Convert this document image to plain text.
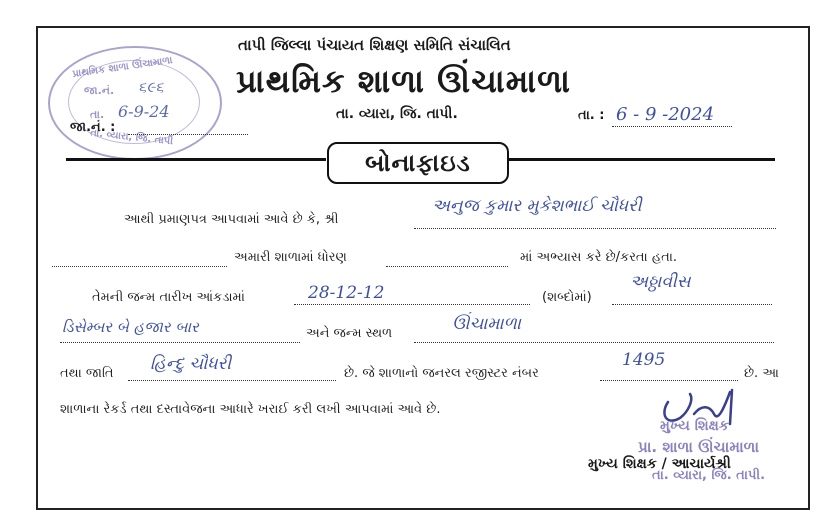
પ્રાથમિક શાળા ઊંચામાળા
જા.નં. ૬૯૬
તા. 6-9-24
તા. વ્યારા, જિ. તાપી
તાપી જિલ્લા પંચાયત શિક્ષણ સમિતિ સંચાલિત
પ્રાથમિક શાળા ઊંચામાળા
તા. વ્યારા, જિ. તાપી.
જા.નં. :
તા. : 6 - 9 -2024
બોનાફાઇડ
આથી પ્રમાણપત્ર આપવામાં આવે છે કે, શ્રી
અનુજ કુમાર મુકેશભાઈ ચૌધરી
અમારી શાળામાં ધોરણ	માં અભ્યાસ કરે છે/કરતા હતા.
તેમની જન્મ તારીખ આંકડામાં	28-12-12	(શબ્દોમાં)
અઠ્ઠાવીસ
ડિસેમ્બર બે હજાર બાર	અને જન્મ સ્થળ	ઊંચામાળા
તથા જાતિ હિન્દુ ચૌધરી	છે. જે શાળાનો જનરલ રજીસ્ટર નંબર
1495
છે. આ
શાળાના રેકર્ડ તથા દસ્તાવેજના આધારે ખરાઈ કરી લખી આપવામાં આવે છે.
મુખ્ય શિક્ષક
પ્રા. શાળા ઊંચામાળા
તા. વ્યારા, જિ. તાપી.
મુખ્ય શિક્ષક / આચાર્યશ્રી
